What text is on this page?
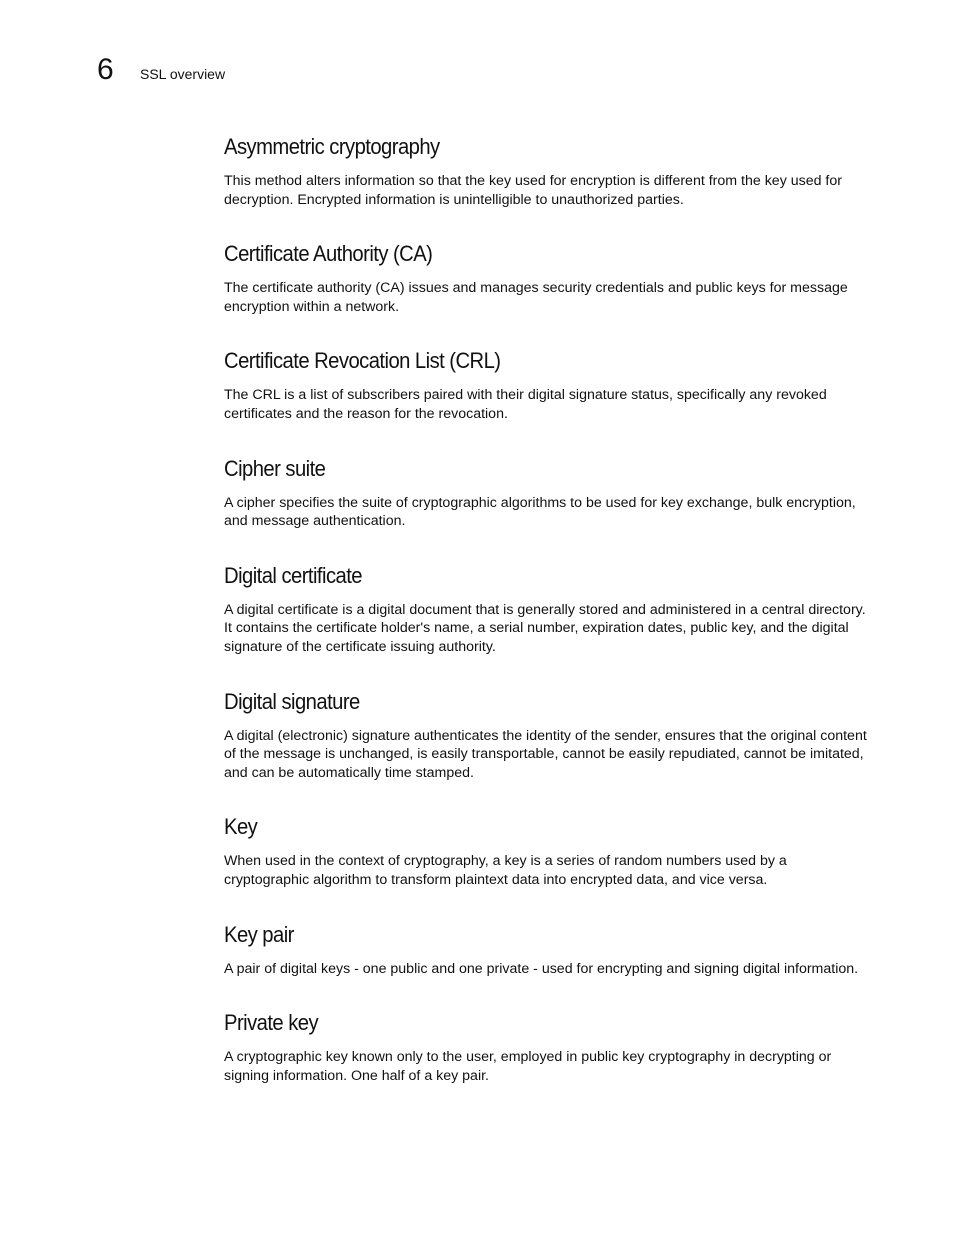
6 SSL overview
Asymmetric cryptography

This method alters information so that the key used for encryption is different from the key used for decryption. Encrypted information is unintelligible to unauthorized parties.

Certificate Authority (CA)

The certificate authority (CA) issues and manages security credentials and public keys for message encryption within a network.

Certificate Revocation List (CRL)

The CRL is a list of subscribers paired with their digital signature status, specifically any revoked certificates and the reason for the revocation.

Cipher suite

A cipher specifies the suite of cryptographic algorithms to be used for key exchange, bulk encryption, and message authentication.

Digital certificate

A digital certificate is a digital document that is generally stored and administered in a central directory. It contains the certificate holder's name, a serial number, expiration dates, public key, and the digital signature of the certificate issuing authority.

Digital signature

A digital (electronic) signature authenticates the identity of the sender, ensures that the original content of the message is unchanged, is easily transportable, cannot be easily repudiated, cannot be imitated, and can be automatically time stamped.

Key

When used in the context of cryptography, a key is a series of random numbers used by a cryptographic algorithm to transform plaintext data into encrypted data, and vice versa.

Key pair

A pair of digital keys - one public and one private - used for encrypting and signing digital information.

Private key

A cryptographic key known only to the user, employed in public key cryptography in decrypting or signing information. One half of a key pair.
